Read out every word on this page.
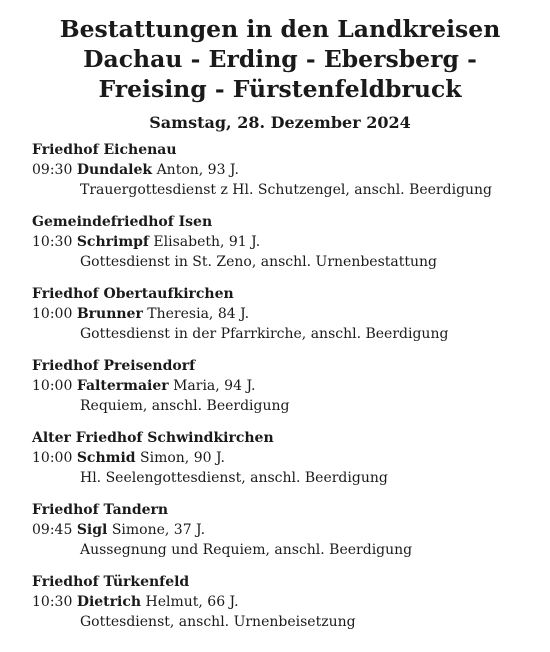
Bestattungen in den Landkreisen
Dachau - Erding - Ebersberg -
Freising - Fürstenfeldbruck
Samstag, 28. Dezember 2024
Friedhof Eichenau
09:30 Dundalek Anton, 93 J.
Trauergottesdienst z Hl. Schutzengel, anschl. Beerdigung
Gemeindefriedhof Isen
10:30 Schrimpf Elisabeth, 91 J.
Gottesdienst in St. Zeno, anschl. Urnenbestattung
Friedhof Obertaufkirchen
10:00 Brunner Theresia, 84 J.
Gottesdienst in der Pfarrkirche, anschl. Beerdigung
Friedhof Preisendorf
10:00 Faltermaier Maria, 94 J.
Requiem, anschl. Beerdigung
Alter Friedhof Schwindkirchen
10:00 Schmid Simon, 90 J.
Hl. Seelengottesdienst, anschl. Beerdigung
Friedhof Tandern
09:45 Sigl Simone, 37 J.
Aussegnung und Requiem, anschl. Beerdigung
Friedhof Türkenfeld
10:30 Dietrich Helmut, 66 J.
Gottesdienst, anschl. Urnenbeisetzung
